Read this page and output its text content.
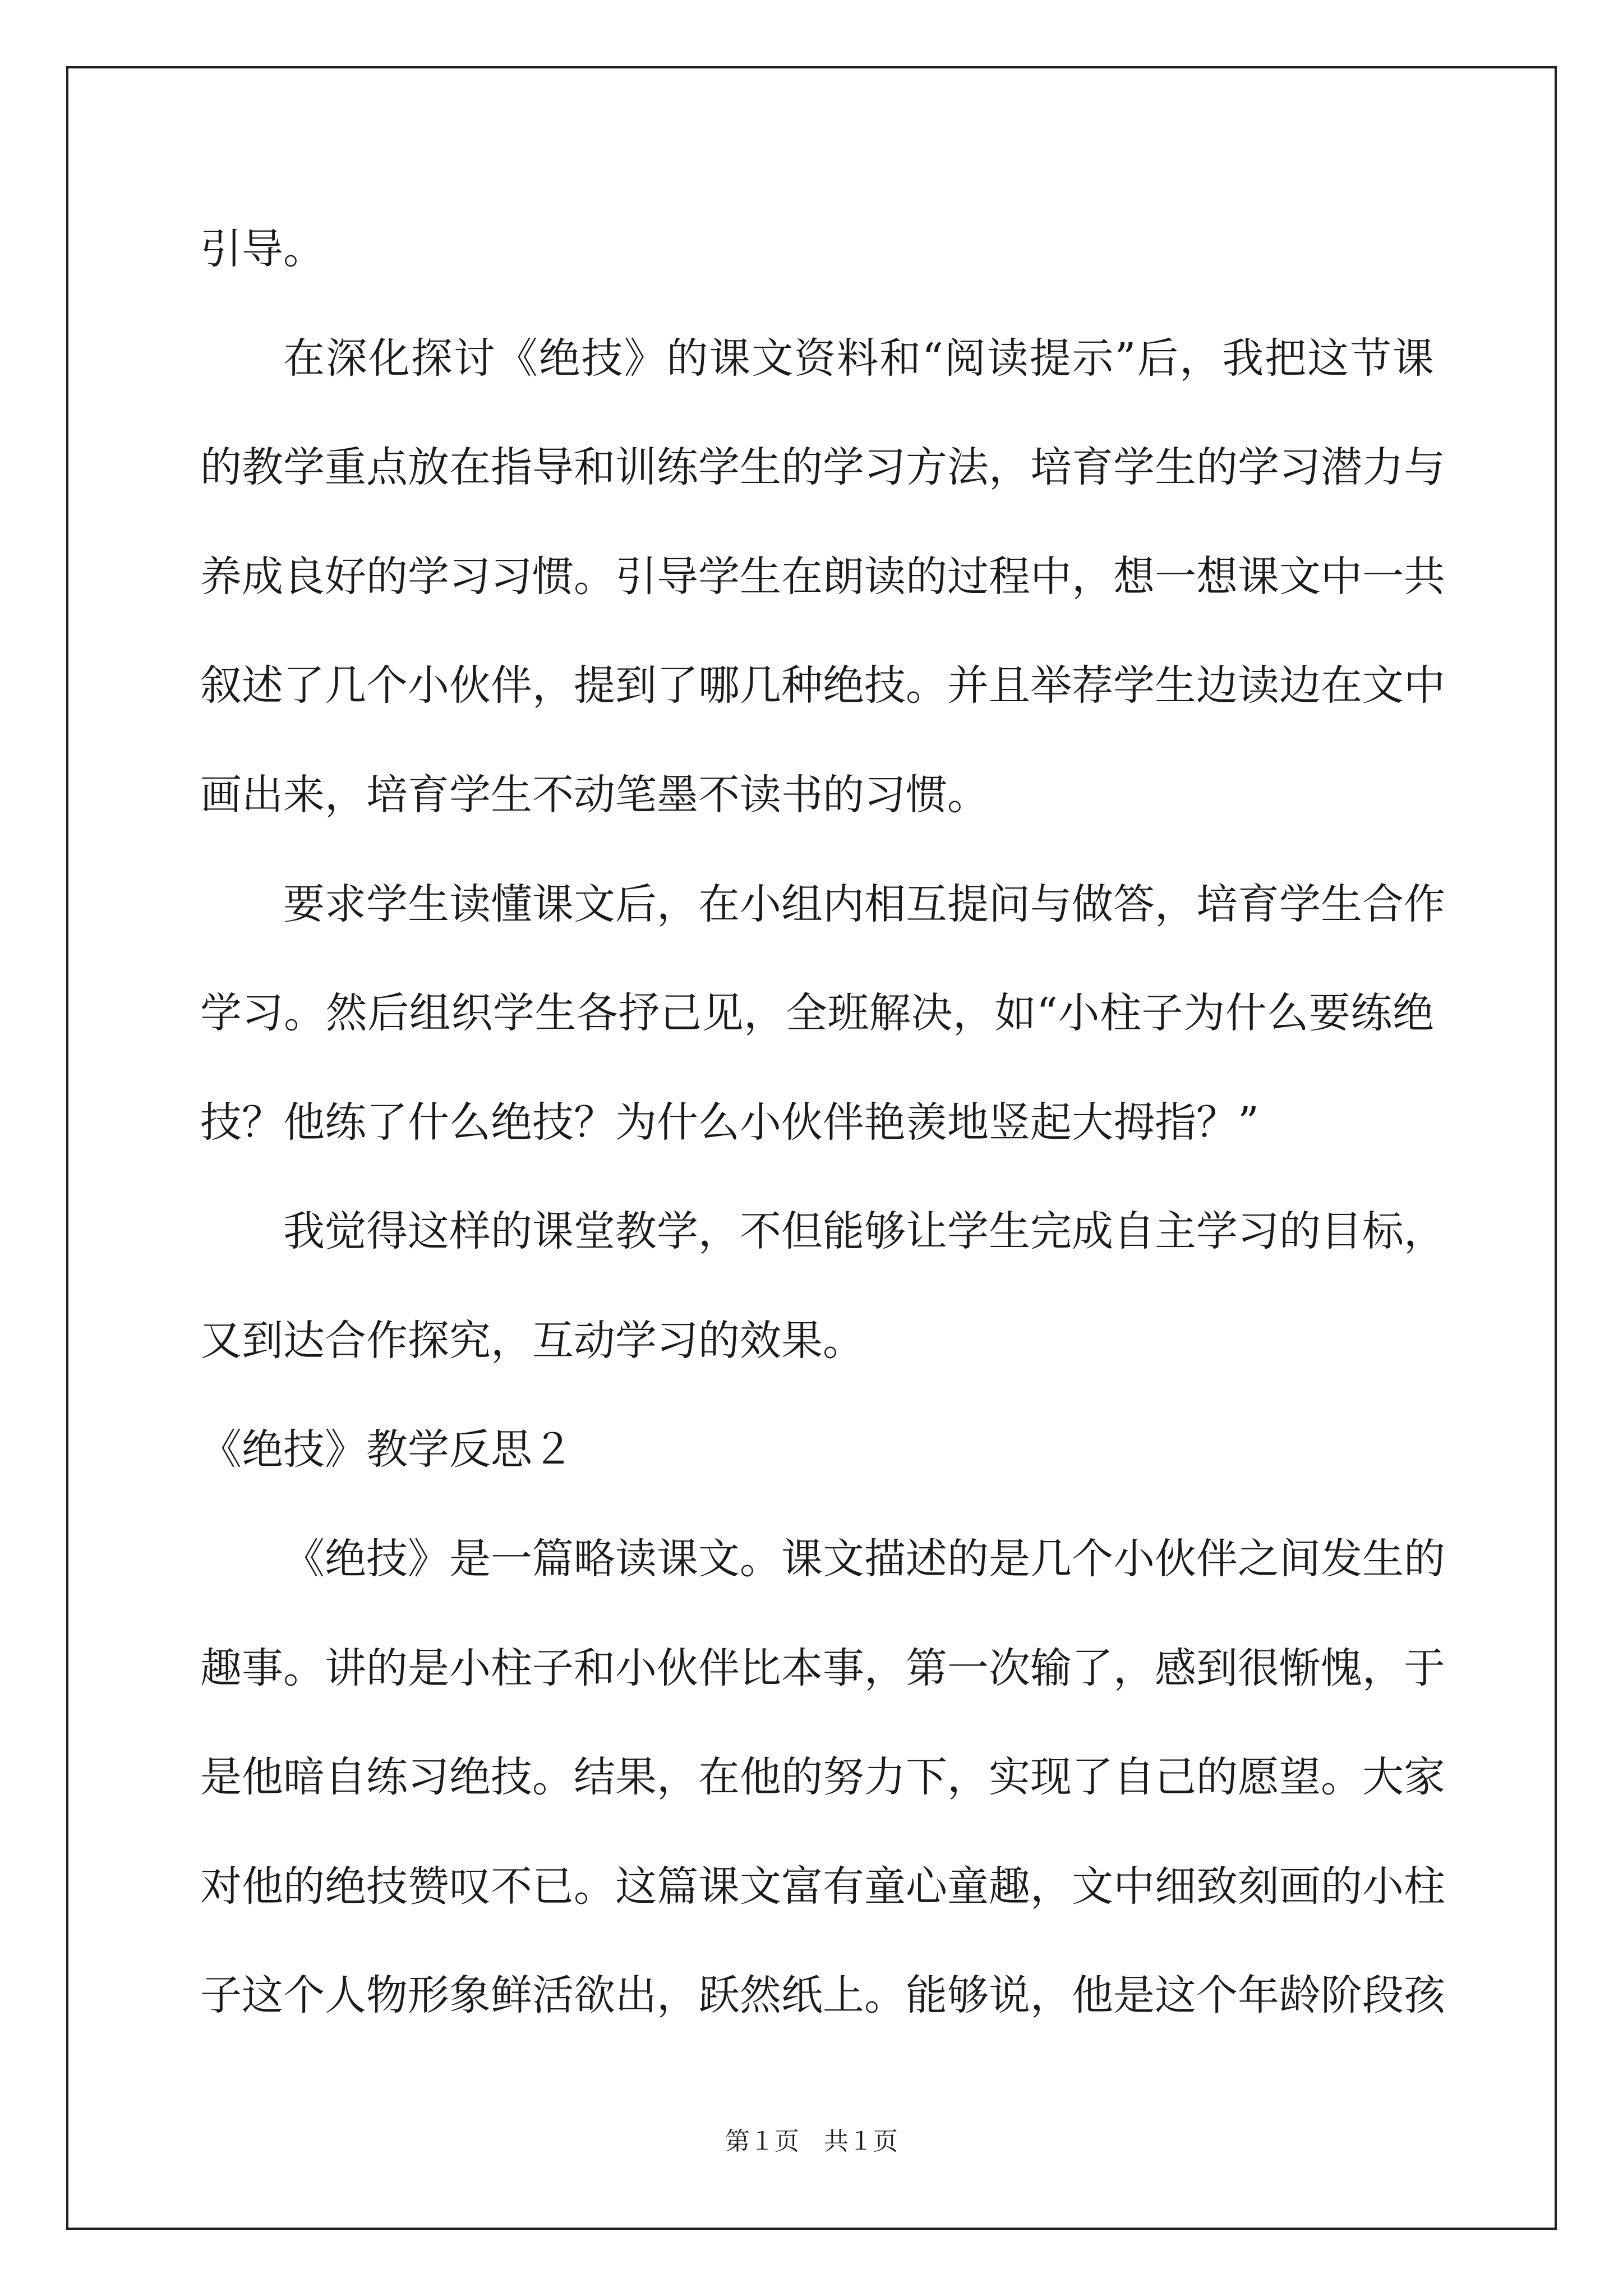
引导。
在深化探讨《绝技》的课文资料和“阅读提示”后，我把这节课
的教学重点放在指导和训练学生的学习方法，培育学生的学习潜力与
养成良好的学习习惯。引导学生在朗读的过程中，想一想课文中一共
叙述了几个小伙伴，提到了哪几种绝技。并且举荐学生边读边在文中
画出来，培育学生不动笔墨不读书的习惯。
要求学生读懂课文后，在小组内相互提问与做答，培育学生合作
学习。然后组织学生各抒己见，全班解决，如“小柱子为什么要练绝
技？他练了什么绝技？为什么小伙伴艳羡地竖起大拇指？”
我觉得这样的课堂教学，不但能够让学生完成自主学习的目标，
又到达合作探究，互动学习的效果。
《绝技》教学反思２
《绝技》是一篇略读课文。课文描述的是几个小伙伴之间发生的
趣事。讲的是小柱子和小伙伴比本事，第一次输了，感到很惭愧，于
是他暗自练习绝技。结果，在他的努力下，实现了自己的愿望。大家
对他的绝技赞叹不已。这篇课文富有童心童趣，文中细致刻画的小柱
子这个人物形象鲜活欲出，跃然纸上。能够说，他是这个年龄阶段孩
第１页　共１页
